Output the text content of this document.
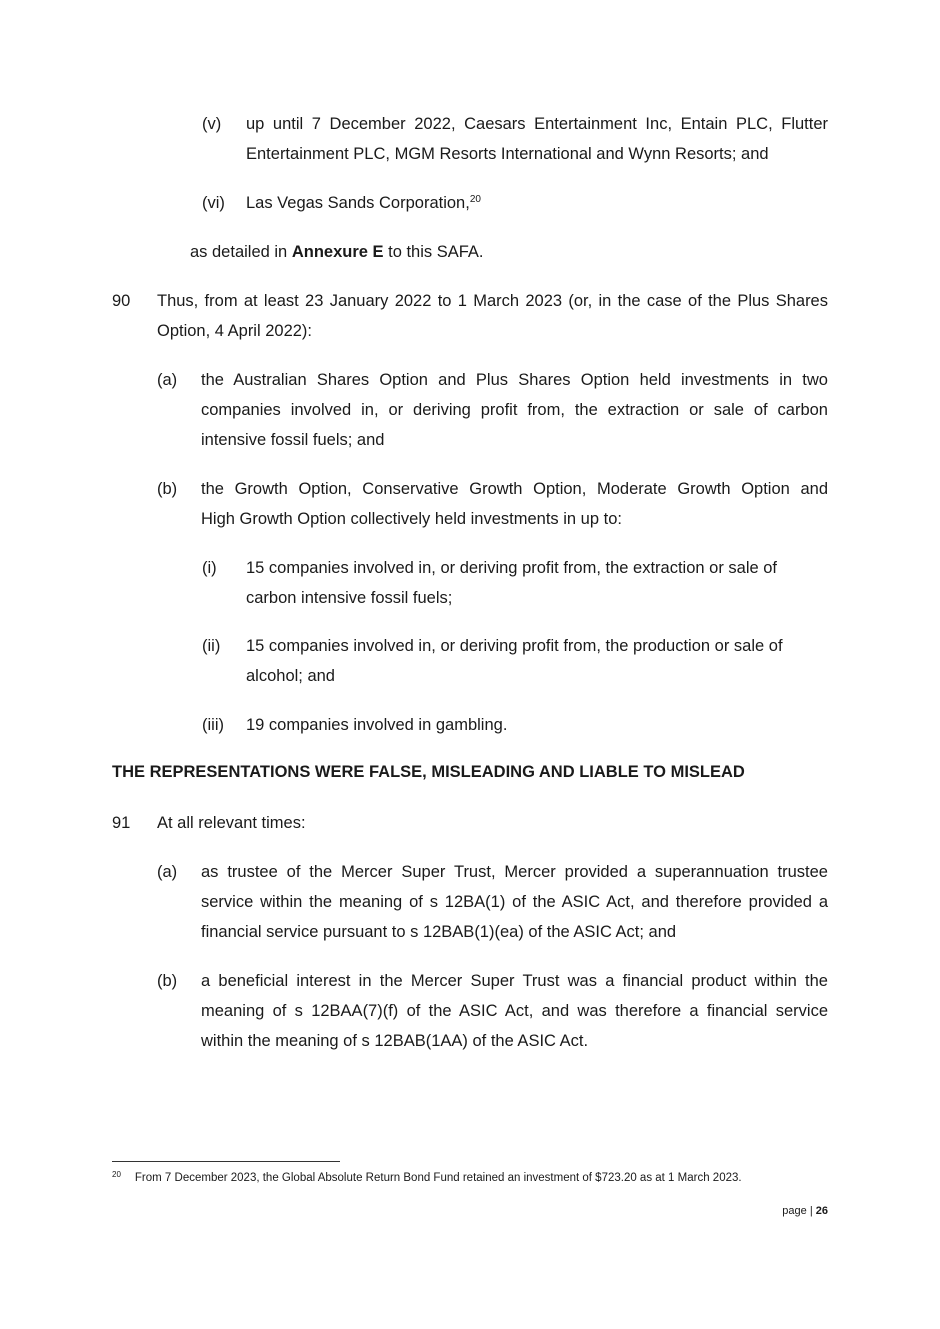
(v) up until 7 December 2022, Caesars Entertainment Inc, Entain PLC, Flutter
Entertainment PLC, MGM Resorts International and Wynn Resorts; and
(vi) Las Vegas Sands Corporation,$^{20}$
as detailed in Annexure E to this SAFA.
90 Thus, from at least 23 January 2022 to 1 March 2023 (or, in the case of the Plus Shares
Option, 4 April 2022):
(a) the Australian Shares Option and Plus Shares Option held investments in two
companies involved in, or deriving profit from, the extraction or sale of carbon
intensive fossil fuels; and
(b) the Growth Option, Conservative Growth Option, Moderate Growth Option and
High Growth Option collectively held investments in up to:
(i) 15 companies involved in, or deriving profit from, the extraction or sale of
carbon intensive fossil fuels;
(ii) 15 companies involved in, or deriving profit from, the production or sale of
alcohol; and
(iii) 19 companies involved in gambling.
THE REPRESENTATIONS WERE FALSE, MISLEADING AND LIABLE TO MISLEAD
91 At all relevant times:
(a) as trustee of the Mercer Super Trust, Mercer provided a superannuation trustee
service within the meaning of s 12BA(1) of the ASIC Act, and therefore provided a
financial service pursuant to s 12BAB(1)(ea) of the ASIC Act; and
(b) a beneficial interest in the Mercer Super Trust was a financial product within the
meaning of s 12BAA(7)(f) of the ASIC Act, and was therefore a financial service
within the meaning of s 12BAB(1AA) of the ASIC Act.
$^{20}$ From 7 December 2023, the Global Absolute Return Bond Fund retained an investment of $723.20 as at 1 March 2023.
page | 26
